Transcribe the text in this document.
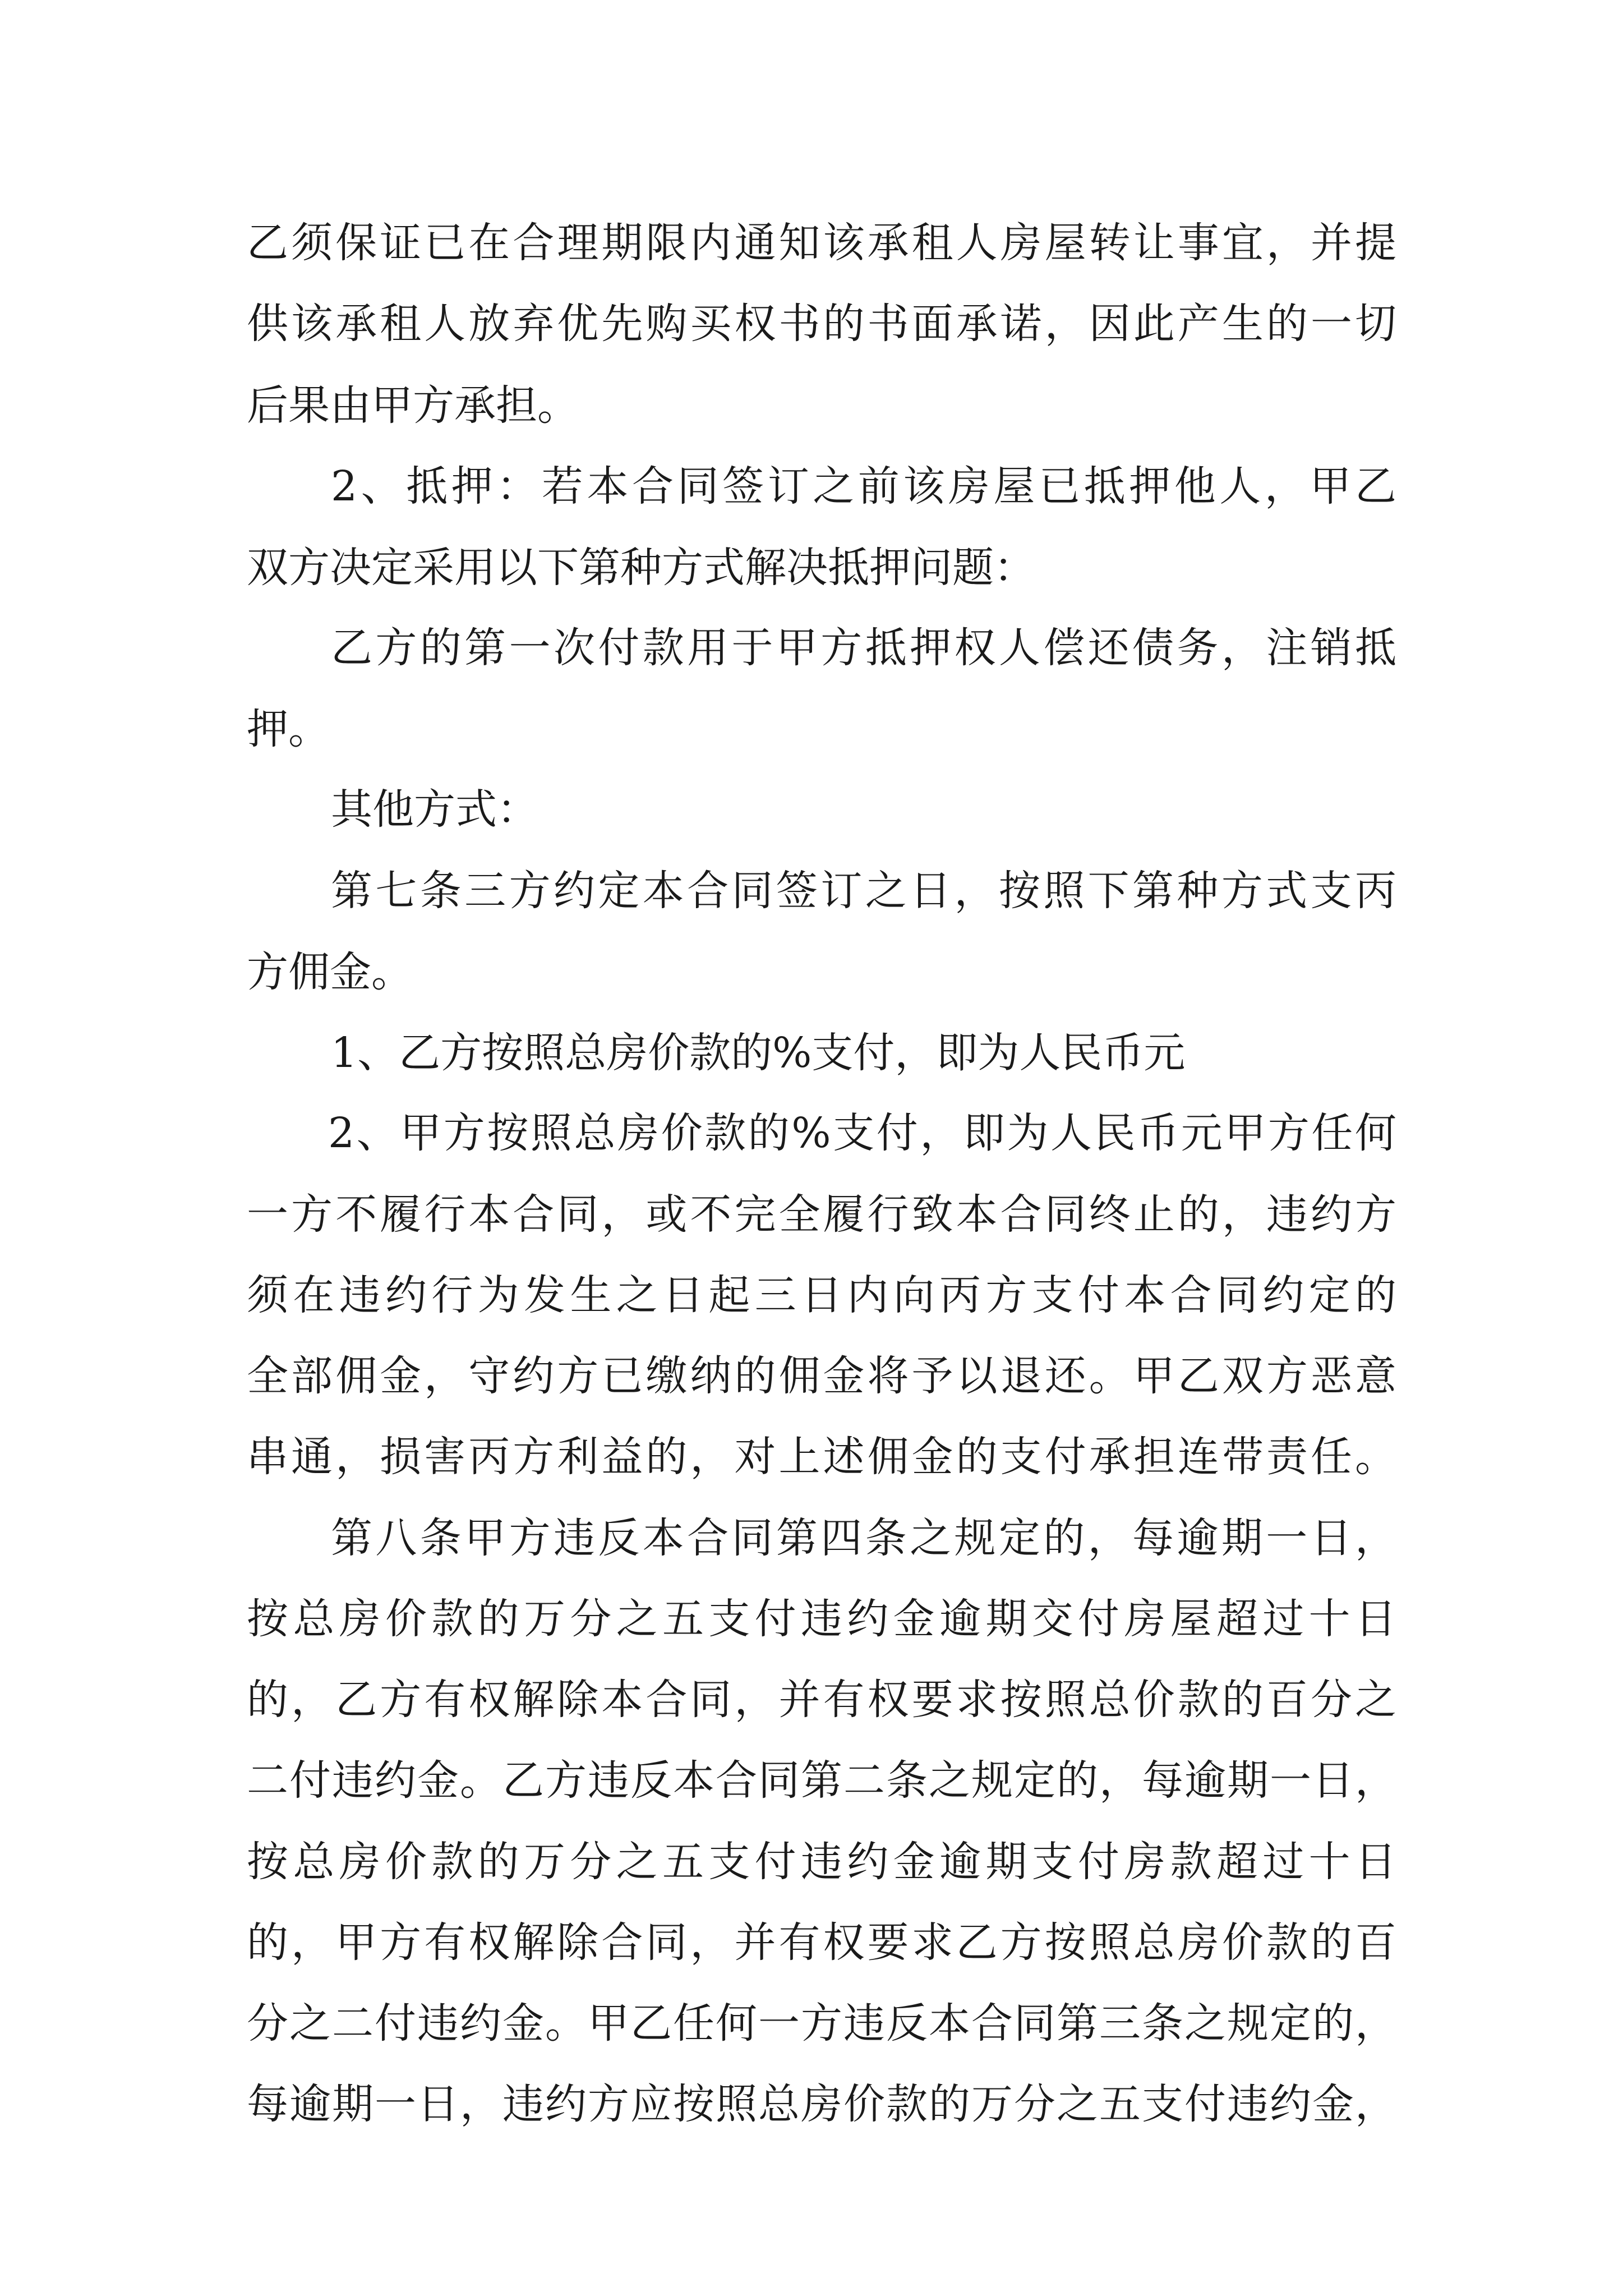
乙须保证已在合理期限内通知该承租人房屋转让事宜，并提

供该承租人放弃优先购买权书的书面承诺，因此产生的一切

后果由甲方承担。

2、抵押：若本合同签订之前该房屋已抵押他人，甲乙

双方决定采用以下第种方式解决抵押问题：

乙方的第一次付款用于甲方抵押权人偿还债务，注销抵

押。

其他方式：

第七条三方约定本合同签订之日，按照下第种方式支丙

方佣金。

1、乙方按照总房价款的%支付，即为人民币元

2、甲方按照总房价款的%支付，即为人民币元甲方任何

一方不履行本合同，或不完全履行致本合同终止的，违约方

须在违约行为发生之日起三日内向丙方支付本合同约定的

全部佣金，守约方已缴纳的佣金将予以退还。甲乙双方恶意

串通，损害丙方利益的，对上述佣金的支付承担连带责任。

第八条甲方违反本合同第四条之规定的，每逾期一日，

按总房价款的万分之五支付违约金逾期交付房屋超过十日

的，乙方有权解除本合同，并有权要求按照总价款的百分之

二付违约金。乙方违反本合同第二条之规定的，每逾期一日，

按总房价款的万分之五支付违约金逾期支付房款超过十日

的，甲方有权解除合同，并有权要求乙方按照总房价款的百

分之二付违约金。甲乙任何一方违反本合同第三条之规定的，

每逾期一日，违约方应按照总房价款的万分之五支付违约金，
